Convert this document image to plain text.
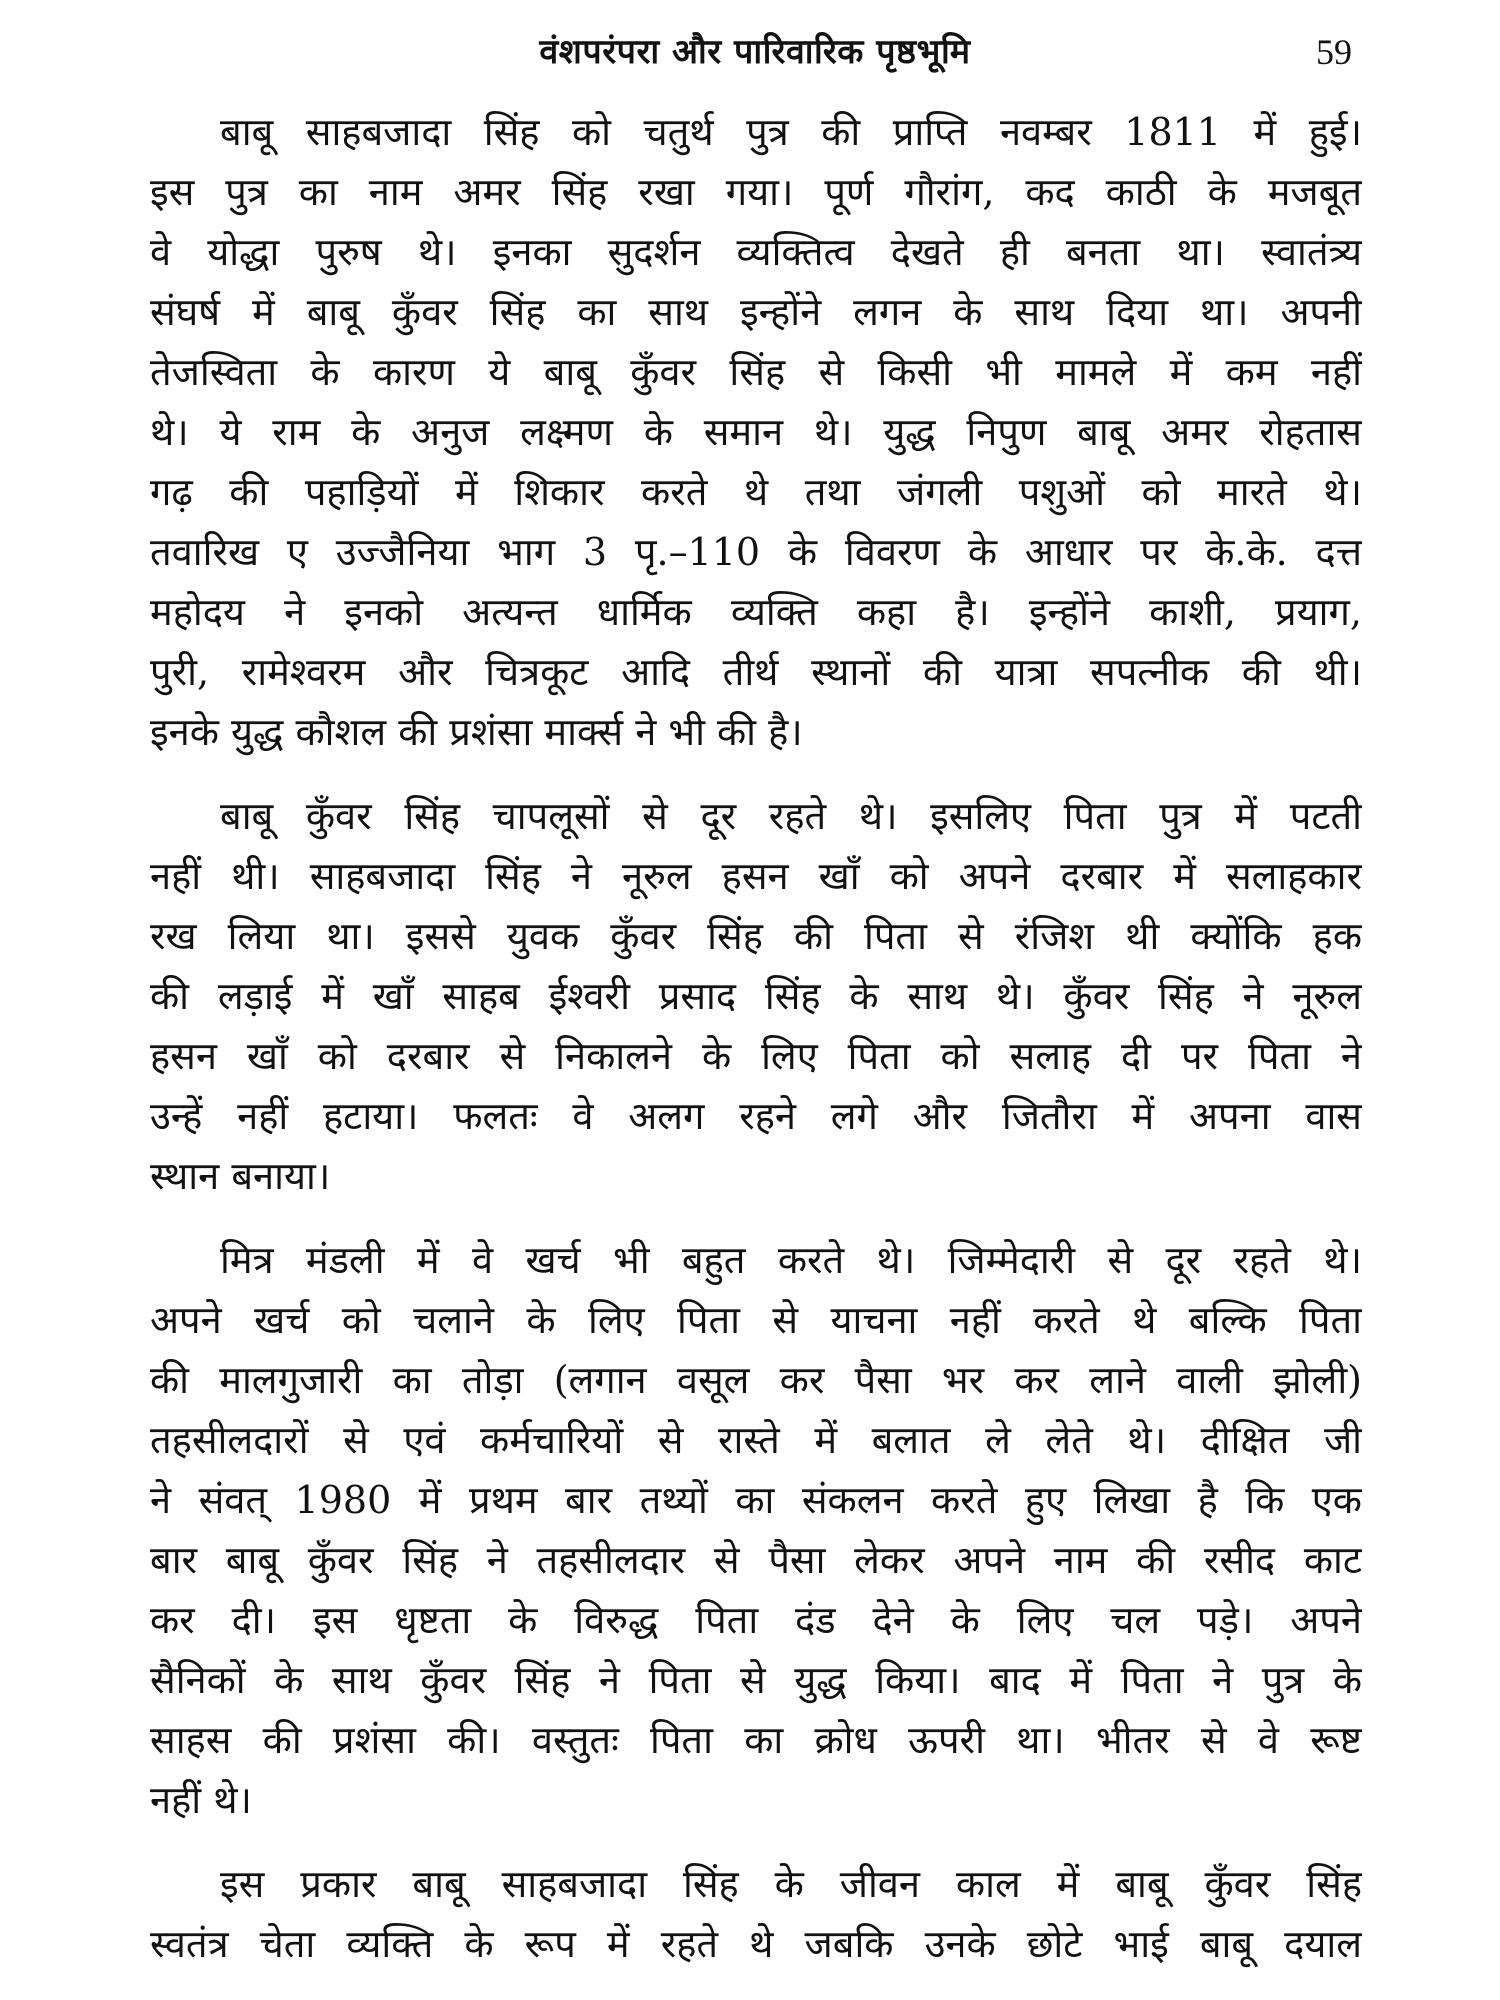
वंशपरंपरा और पारिवारिक पृष्ठभूमि	59
बाबू साहबजादा सिंह को चतुर्थ पुत्र की प्राप्ति नवम्बर 1811 में हुई।
इस पुत्र का नाम अमर सिंह रखा गया। पूर्ण गौरांग, कद काठी के मजबूत
वे योद्धा पुरुष थे। इनका सुदर्शन व्यक्तित्व देखते ही बनता था। स्वातंत्र्य
संघर्ष में बाबू कुँवर सिंह का साथ इन्होंने लगन के साथ दिया था। अपनी
तेजस्विता के कारण ये बाबू कुँवर सिंह से किसी भी मामले में कम नहीं
थे। ये राम के अनुज लक्ष्मण के समान थे। युद्ध निपुण बाबू अमर रोहतास
गढ़ की पहाड़ियों में शिकार करते थे तथा जंगली पशुओं को मारते थे।
तवारिख ए उज्जैनिया भाग 3 पृ.–110 के विवरण के आधार पर के.के. दत्त
महोदय ने इनको अत्यन्त धार्मिक व्यक्ति कहा है। इन्होंने काशी, प्रयाग,
पुरी, रामेश्वरम और चित्रकूट आदि तीर्थ स्थानों की यात्रा सपत्नीक की थी।
इनके युद्ध कौशल की प्रशंसा मार्क्स ने भी की है।
बाबू कुँवर सिंह चापलूसों से दूर रहते थे। इसलिए पिता पुत्र में पटती
नहीं थी। साहबजादा सिंह ने नूरुल हसन खाँ को अपने दरबार में सलाहकार
रख लिया था। इससे युवक कुँवर सिंह की पिता से रंजिश थी क्योंकि हक
की लड़ाई में खाँ साहब ईश्वरी प्रसाद सिंह के साथ थे। कुँवर सिंह ने नूरुल
हसन खाँ को दरबार से निकालने के लिए पिता को सलाह दी पर पिता ने
उन्हें नहीं हटाया। फलतः वे अलग रहने लगे और जितौरा में अपना वास
स्थान बनाया।
मित्र मंडली में वे खर्च भी बहुत करते थे। जिम्मेदारी से दूर रहते थे।
अपने खर्च को चलाने के लिए पिता से याचना नहीं करते थे बल्कि पिता
की मालगुजारी का तोड़ा (लगान वसूल कर पैसा भर कर लाने वाली झोली)
तहसीलदारों से एवं कर्मचारियों से रास्ते में बलात ले लेते थे। दीक्षित जी
ने संवत् 1980 में प्रथम बार तथ्यों का संकलन करते हुए लिखा है कि एक
बार बाबू कुँवर सिंह ने तहसीलदार से पैसा लेकर अपने नाम की रसीद काट
कर दी। इस धृष्टता के विरुद्ध पिता दंड देने के लिए चल पड़े। अपने
सैनिकों के साथ कुँवर सिंह ने पिता से युद्ध किया। बाद में पिता ने पुत्र के
साहस की प्रशंसा की। वस्तुतः पिता का क्रोध ऊपरी था। भीतर से वे रूष्ट
नहीं थे।
इस प्रकार बाबू साहबजादा सिंह के जीवन काल में बाबू कुँवर सिंह
स्वतंत्र चेता व्यक्ति के रूप में रहते थे जबकि उनके छोटे भाई बाबू दयाल
